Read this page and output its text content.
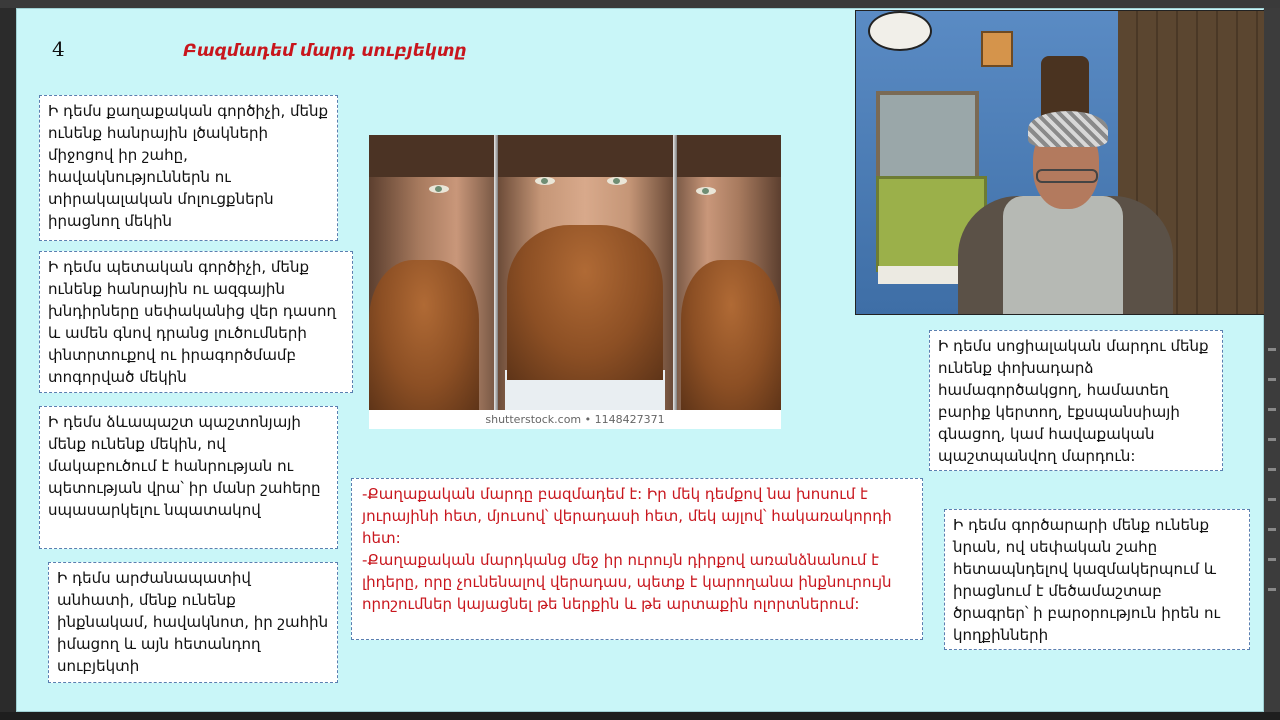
4	Բազմադեմ մարդ սուբյեկտը

Ի դեմս քաղաքական գործիչի, մենք ունենք հանրային լծակների միջոցով իր շահը, հավակնություններն ու տիրակալական մոլուցքներն իրացնող մեկին

Ի դեմս պետական գործիչի, մենք ունենք հանրային ու ազգային խնդիրները սեփականից վեր դասող և ամեն գնով դրանց լուծումների փնտրտուքով ու իրագործմամբ տոգորված մեկին

Ի դեմս ձևապաշտ պաշտոնյայի մենք ունենք մեկին, ով մակաբուծում է հանրության ու պետության վրա՝ իր մանր շահերը սպասարկելու նպատակով

Ի դեմս արժանապատիվ անհատի, մենք ունենք ինքնակամ, հավակնոտ, իր շահին իմացող և այն հետանդող սուբյեկտի

shutterstock.com • 1148427371

-Քաղաքական մարդը բազմադեմ է: Իր մեկ դեմքով նա խոսում է յուրայինի հետ, մյուսով՝ վերադասի հետ, մեկ այլով՝ հակառակորդի հետ:

-Քաղաքական մարդկանց մեջ իր ուրույն դիրքով առանձնանում է լիդերը, որը չունենալով վերադաս, պետք է կարողանա ինքնուրույն որոշումներ կայացնել թե ներքին և թե արտաքին ոլորտներում:

Ի դեմս սոցիալական մարդու մենք ունենք փոխադարձ համագործակցող, համատեղ բարիք կերտող, էքսպանսիայի գնացող, կամ հավաքական պաշտպանվող մարդուն:

Ի դեմս գործարարի մենք ունենք նրան, ով սեփական շահը հետապնդելով կազմակերպում և իրացնում է մեծամաշտաբ ծրագրեր՝ ի բարօրություն իրեն ու կողքինների
